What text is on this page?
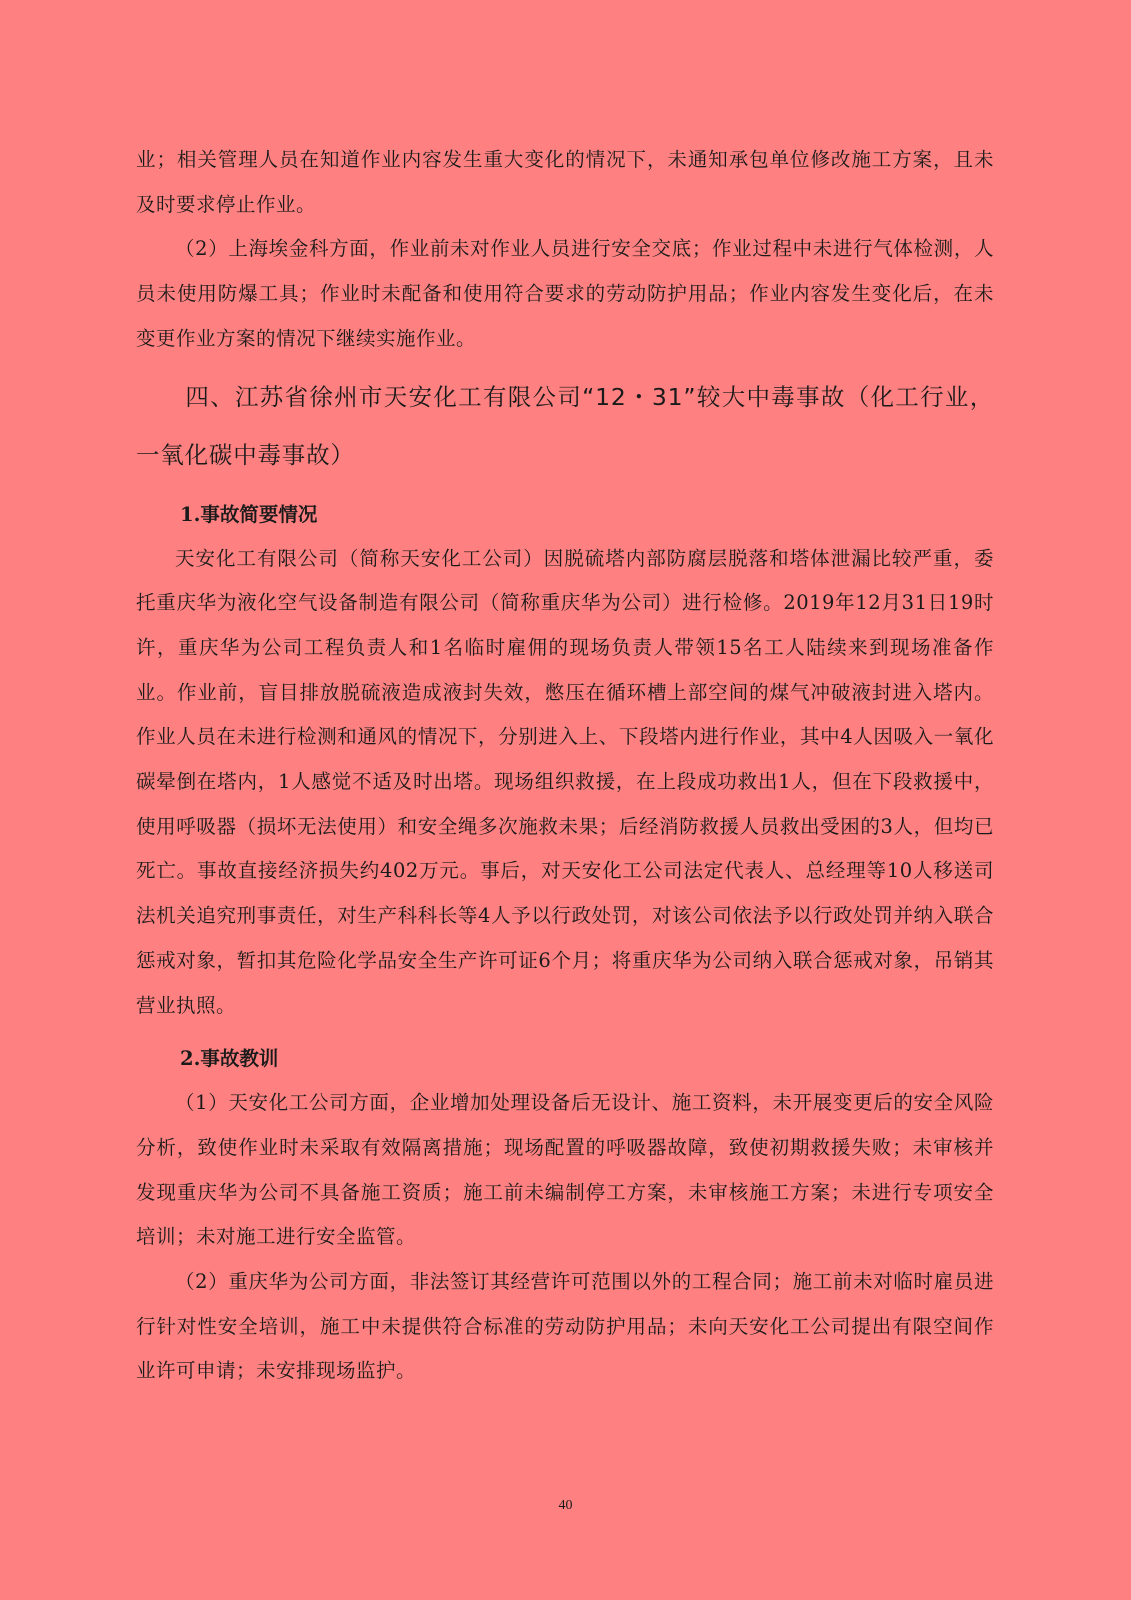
业；相关管理人员在知道作业内容发生重大变化的情况下，未通知承包单位修改施工方案，且未及时要求停止作业。

（2）上海埃金科方面，作业前未对作业人员进行安全交底；作业过程中未进行气体检测，人员未使用防爆工具；作业时未配备和使用符合要求的劳动防护用品；作业内容发生变化后，在未变更作业方案的情况下继续实施作业。

四、江苏省徐州市天安化工有限公司“12・31”较大中毒事故（化工行业，一氧化碳中毒事故）
1.事故简要情况

天安化工有限公司（简称天安化工公司）因脱硫塔内部防腐层脱落和塔体泄漏比较严重，委托重庆华为液化空气设备制造有限公司（简称重庆华为公司）进行检修。2019年12月31日19时许，重庆华为公司工程负责人和1名临时雇佣的现场负责人带领15名工人陆续来到现场准备作业。作业前，盲目排放脱硫液造成液封失效，憋压在循环槽上部空间的煤气冲破液封进入塔内。作业人员在未进行检测和通风的情况下，分别进入上、下段塔内进行作业，其中4人因吸入一氧化碳晕倒在塔内，1人感觉不适及时出塔。现场组织救援，在上段成功救出1人，但在下段救援中，使用呼吸器（损坏无法使用）和安全绳多次施救未果；后经消防救援人员救出受困的3人，但均已死亡。事故直接经济损失约402万元。事后，对天安化工公司法定代表人、总经理等10人移送司法机关追究刑事责任，对生产科科长等4人予以行政处罚，对该公司依法予以行政处罚并纳入联合惩戒对象，暂扣其危险化学品安全生产许可证6个月；将重庆华为公司纳入联合惩戒对象，吊销其营业执照。

2.事故教训

（1）天安化工公司方面，企业增加处理设备后无设计、施工资料，未开展变更后的安全风险分析，致使作业时未采取有效隔离措施；现场配置的呼吸器故障，致使初期救援失败；未审核并发现重庆华为公司不具备施工资质；施工前未编制停工方案，未审核施工方案；未进行专项安全培训；未对施工进行安全监管。

（2）重庆华为公司方面，非法签订其经营许可范围以外的工程合同；施工前未对临时雇员进行针对性安全培训，施工中未提供符合标准的劳动防护用品；未向天安化工公司提出有限空间作业许可申请；未安排现场监护。

40
